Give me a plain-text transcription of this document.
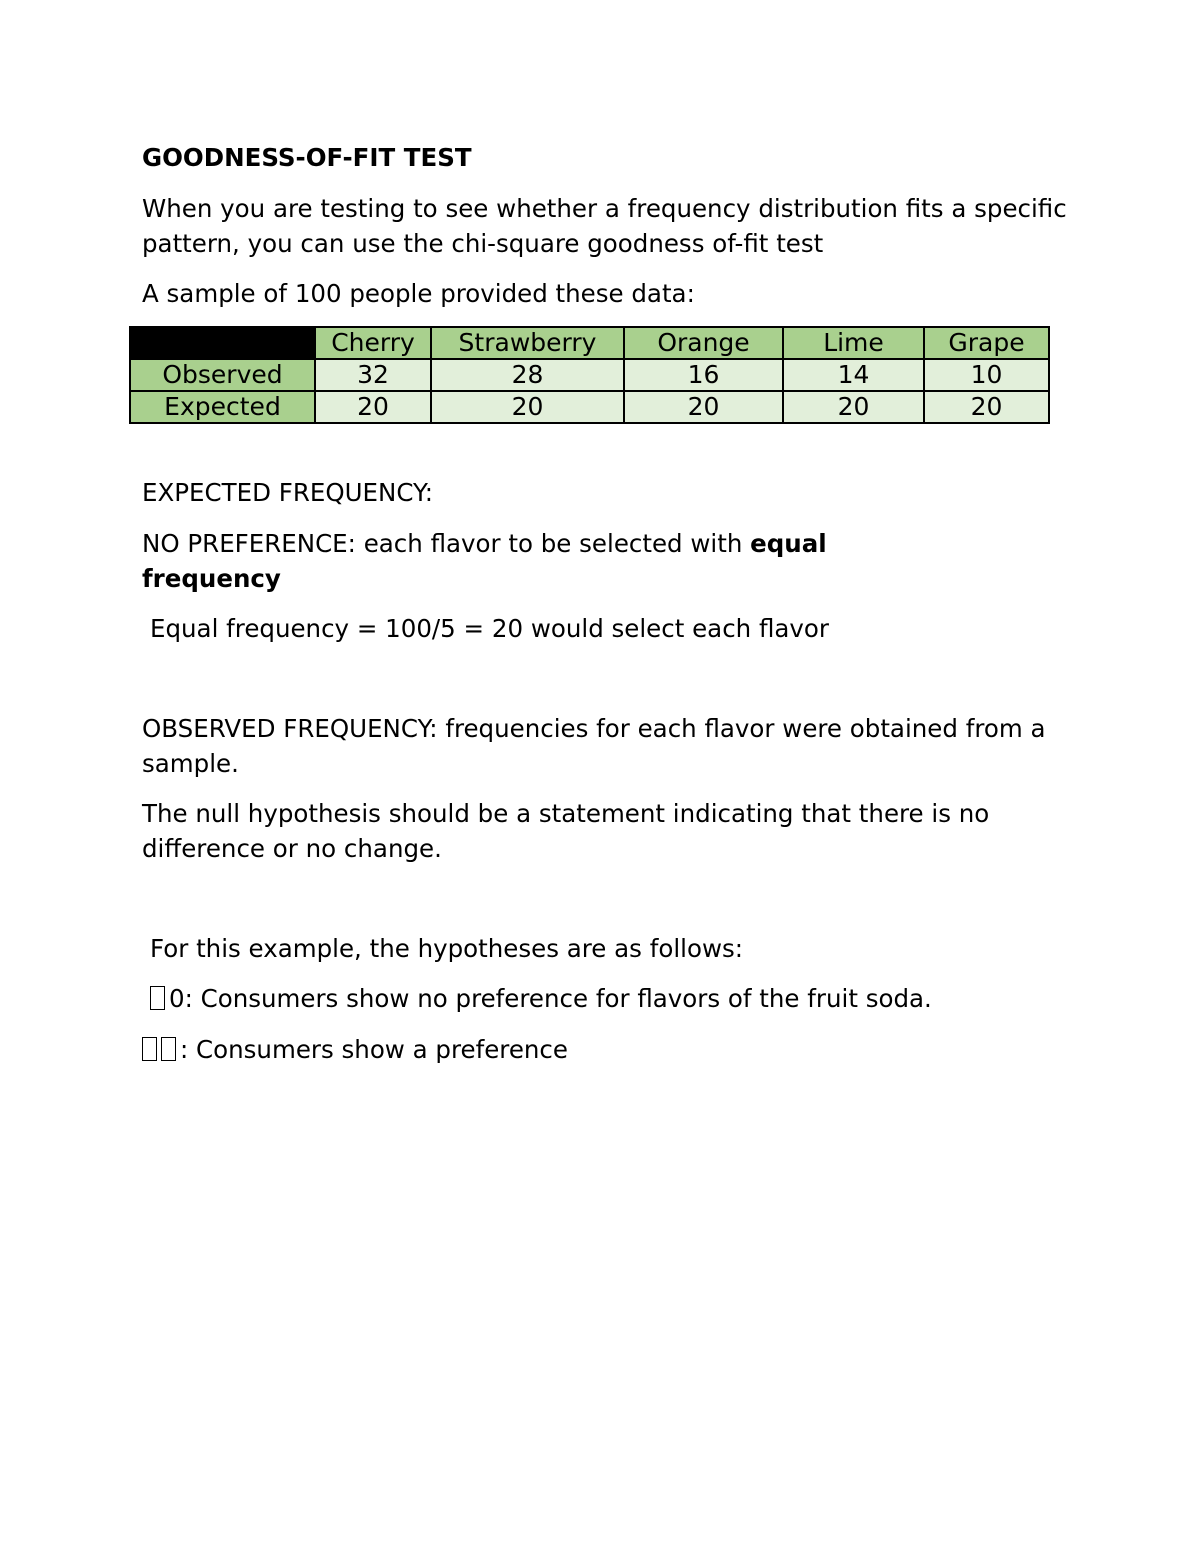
GOODNESS-OF-FIT TEST

When you are testing to see whether a frequency distribution fits a specific pattern, you can use the chi-square goodness of-fit test

A sample of 100 people provided these data:

	Cherry	Strawberry	Orange	Lime	Grape
Observed	32	28	16	14	10
Expected	20	20	20	20	20

EXPECTED FREQUENCY:

NO PREFERENCE: each flavor to be selected with equal frequency

Equal frequency = 100/5 = 20 would select each flavor

OBSERVED FREQUENCY: frequencies for each flavor were obtained from a sample.

The null hypothesis should be a statement indicating that there is no difference or no change.

For this example, the hypotheses are as follows:

0: Consumers show no preference for flavors of the fruit soda.

: Consumers show a preference
